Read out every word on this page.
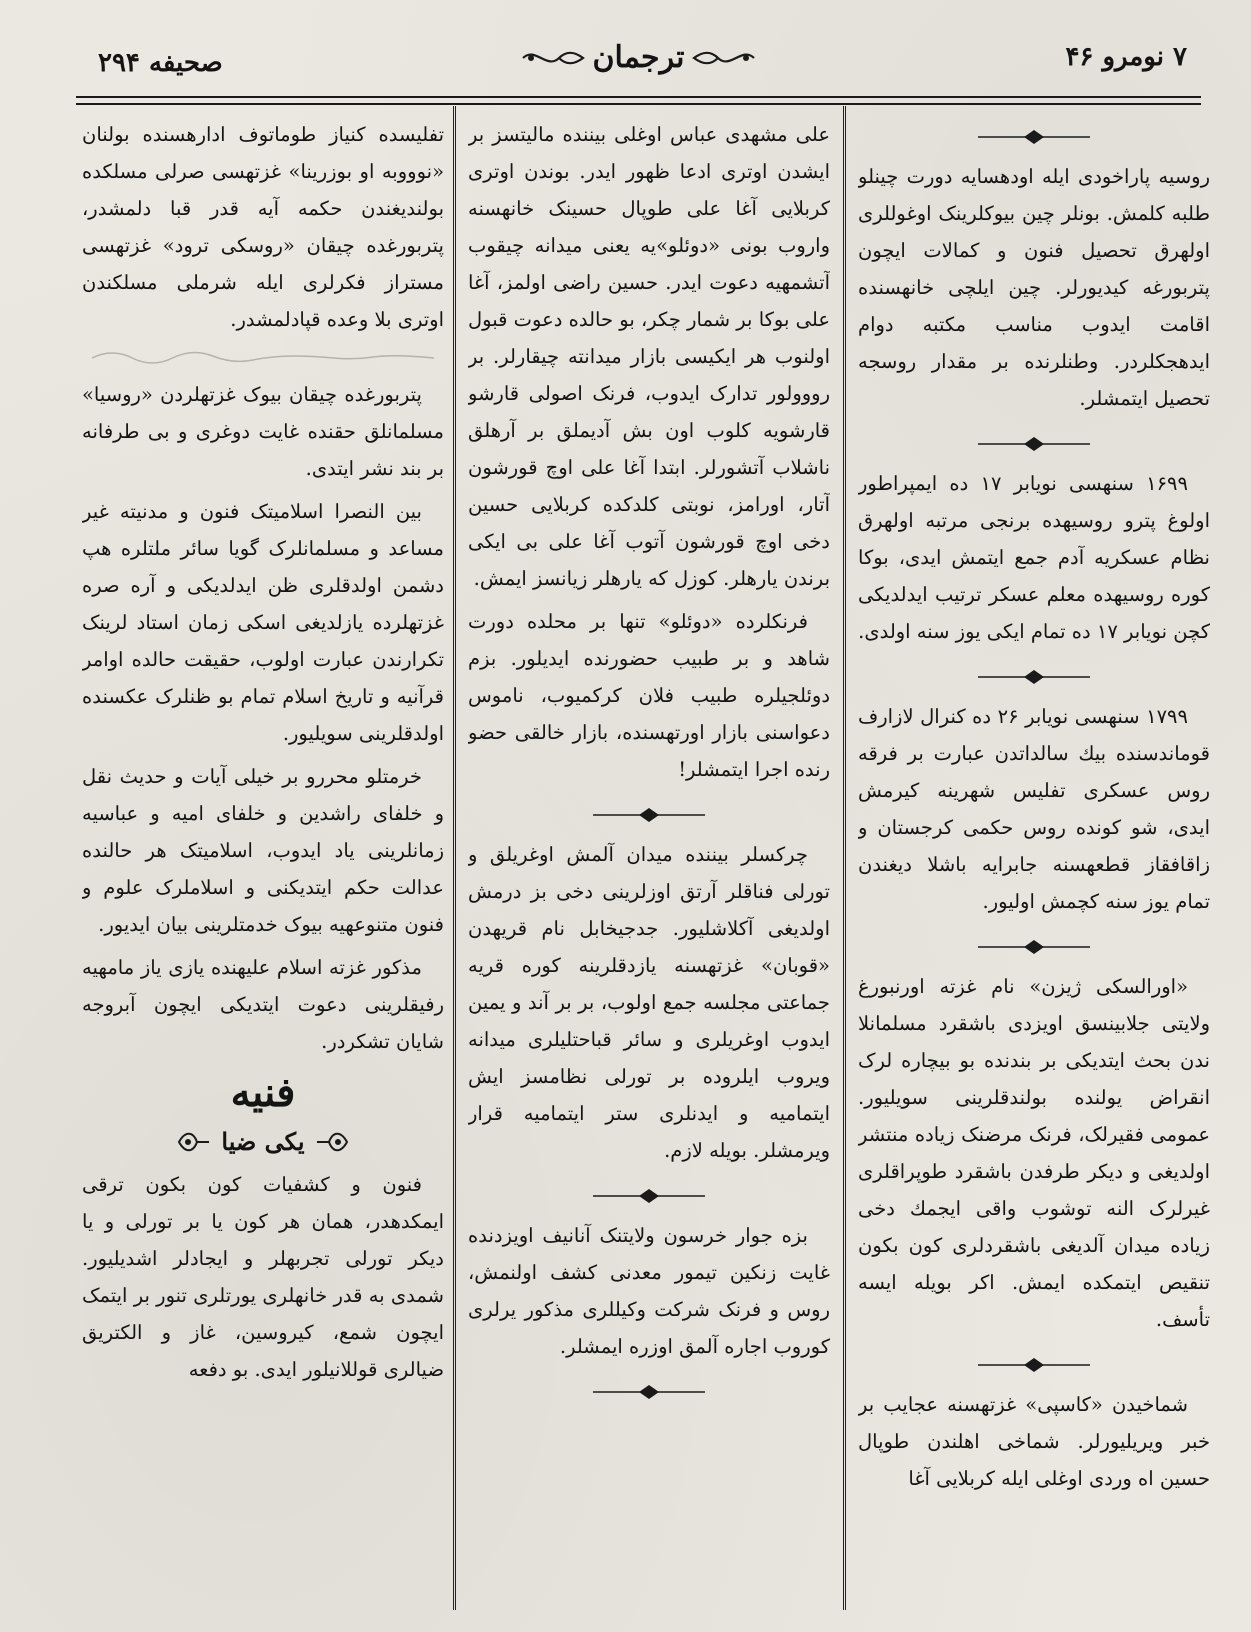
صحیفه ۲۹۴	ترجمان	۷ نومرو ۴۶

تفلیسده کنیاز طوماتوف ادارهسنده بولنان «نوووبه او بوزرینا» غزتهسی صرلی مسلکده بولندیغندن حکمه آیه قدر قبا دلمشدر، پتربورغده چیقان «روسکی ترود» غزتهسی مستراز فکرلری ایله شرملی مسلکندن اوتری بلا وعده قپادلمشدر.

پتربورغده چیقان بیوک غزتهلردن «روسیا» مسلمانلق حقنده غایت دوغری و بی طرفانه بر بند نشر ایتدی.

بین النصرا اسلامیتک فنون و مدنیته غیر مساعد و مسلمانلرک گویا سائر ملتلره هپ دشمن اولدقلری ظن ایدلدیکی و آره صره غزتهلرده یازلدیغی اسکی زمان استاد لرینک تکرارندن عبارت اولوب، حقیقت حالده اوامر قرآنیه و تاریخ اسلام تمام بو ظنلرک عکسنده اولدقلرینی سویلیور.

خرمتلو محررو بر خیلی آیات و حدیث نقل و خلفای راشدین و خلفای امیه و عباسیه زمانلرینی یاد ایدوب، اسلامیتک هر حالنده عدالت حکم ایتدیکنی و اسلاملرک علوم و فنون متنوعهیه بیوک خدمتلرینی بیان ایدیور.

مذکور غزته اسلام علیهنده یازی یاز مامهیه رفیقلرینی دعوت ایتدیکی ایچون آبروجه شایان تشکردر.

فنیه
یکی ضیا

فنون و کشفیات کون بکون ترقی ایمکدهدر، همان هر کون یا بر تورلی و یا دیکر تورلی تجربهلر و ایجادلر اشدیلیور. شمدی به قدر خانهلری یورتلری تنور بر ایتمک ایچون شمع، کیروسین، غاز و الکتریق ضیالری قوللانیلور ایدی. بو دفعه

علی مشهدی عباس اوغلی بیننده مالیتسز بر ایشدن اوتری ادعا ظهور ایدر. بوندن اوتری کربلایی آغا علی طوپال حسینک خانهسنه واروب بونی «دوئلو»یه یعنی میدانه چیقوب آتشمهیه دعوت ایدر. حسین راضی اولمز، آغا علی بوکا بر شمار چکر، بو حالده دعوت قبول اولنوب هر ایکیسی بازار میدانته چیقارلر. بر رووولور تدارک ایدوب، فرنک اصولی قارشو قارشویه کلوب اون بش آدیملق بر آرهلق ناشلاب آتشورلر. ابتدا آغا علی اوچ قورشون آتار، اورامز، نوبتی کلدکده کربلایی حسین دخی اوچ قورشون آتوب آغا علی بی ایکی برندن یارهلر. کوزل که یارهلر زیانسز ایمش.

فرنکلرده «دوئلو» تنها بر محلده دورت شاهد و بر طبیب حضورنده ایدیلور. بزم دوئلجیلره طبیب فلان کرکمیوب، ناموس دعواسنی بازار اورتهسنده، بازار خالقی حضو رنده اجرا ایتمشلر!

چرکسلر بیننده میدان آلمش اوغریلق و تورلی فناقلر آرتق اوزلرینی دخی بز درمش اولدیغی آکلاشلیور. جدجیخابل نام قریهدن «قوبان» غزتهسنه یازدقلرینه کوره قریه جماعتی مجلسه جمع اولوب، بر بر آند و یمین ایدوب اوغریلری و سائر قباحتلیلری میدانه ویروب ایلروده بر تورلی نظامسز ایش ایتمامیه و ایدنلری ستر ایتمامیه قرار ویرمشلر. بویله لازم.

بزه جوار خرسون ولایتنک آنانیف اویزدنده غایت زنکین تیمور معدنی کشف اولنمش، روس و فرنک شرکت وکیللری مذکور یرلری کوروب اجاره آلمق اوزره ایمشلر.

روسیه پاراخودی ایله اودهسایه دورت چینلو طلبه کلمش. بونلر چین بیوکلرینک اوغوللری اولهرق تحصیل فنون و کمالات ایچون پتربورغه کیدیورلر. چین ایلچی خانهسنده اقامت ایدوب مناسب مکتبه دوام ایدهجکلردر. وطنلرنده بر مقدار روسجه تحصیل ایتمشلر.

۱۶۹۹ سنهسی نویابر ۱۷ ده ایمپراطور اولوغ پترو روسیهده برنجی مرتبه اولهرق نظام عسکریه آدم جمع ایتمش ایدی، بوکا کوره روسیهده معلم عسکر ترتیب ایدلدیکی کچن نویابر ۱۷ ده تمام ایکی یوز سنه اولدی.

۱۷۹۹ سنهسی نویابر ۲۶ ده کنرال لازارف قوماندسنده بیك سالداتدن عبارت بر فرقه روس عسکری تفلیس شهرینه کیرمش ایدی، شو کونده روس حکمی کرجستان و زاقافقاز قطعهسنه جابرایه باشلا دیغندن تمام یوز سنه کچمش اولیور.

«اورالسکی ژیزن» نام غزته اورنبورغ ولایتی جلابینسق اویزدی باشقرد مسلمانلا ندن بحث ایتدیکی بر بندنده بو بیچاره لرک انقراض یولنده بولندقلرینی سویلیور. عمومی فقیرلک، فرنک مرضنک زیاده منتشر اولدیغی و دیکر طرفدن باشقرد طوپراقلری غیرلرک النه توشوب واقی ایجمك دخی زیاده میدان آلدیغی باشقردلری کون بکون تنقیص ایتمکده ایمش. اکر بویله ایسه تأسف.

شماخیدن «کاسپی» غزتهسنه عجایب بر خبر ویریلیورلر. شماخی اهلندن طوپال حسین اه وردی اوغلی ایله کربلایی آغا
